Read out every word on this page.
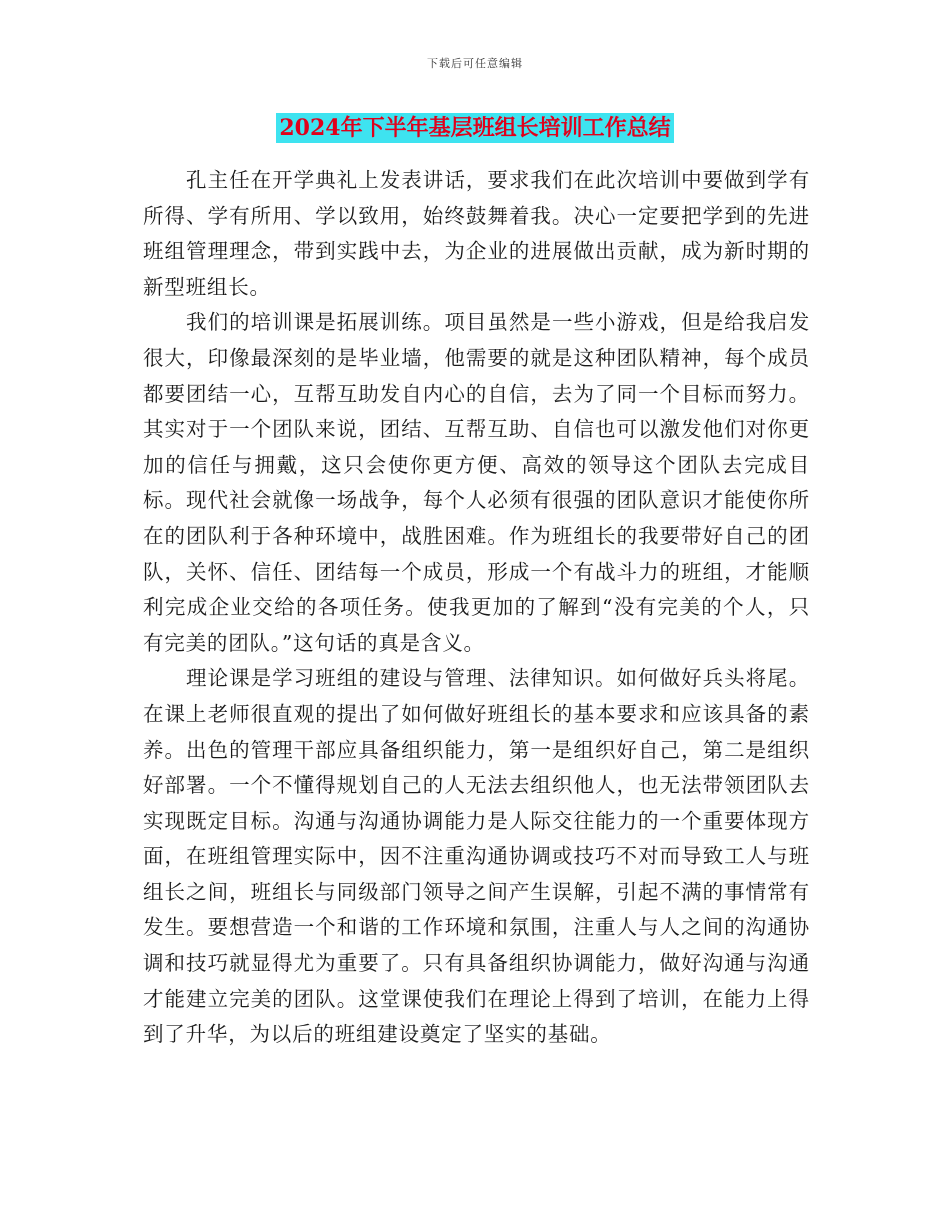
下载后可任意编辑
2024年下半年基层班组长培训工作总结

孔主任在开学典礼上发表讲话，要求我们在此次培训中要做到学有所得、学有所用、学以致用，始终鼓舞着我。决心一定要把学到的先进班组管理理念，带到实践中去，为企业的进展做出贡献，成为新时期的新型班组长。

我们的培训课是拓展训练。项目虽然是一些小游戏，但是给我启发很大，印像最深刻的是毕业墙，他需要的就是这种团队精神，每个成员都要团结一心，互帮互助发自内心的自信，去为了同一个目标而努力。其实对于一个团队来说，团结、互帮互助、自信也可以激发他们对你更加的信任与拥戴，这只会使你更方便、高效的领导这个团队去完成目标。现代社会就像一场战争，每个人必须有很强的团队意识才能使你所在的团队利于各种环境中，战胜困难。作为班组长的我要带好自己的团队，关怀、信任、团结每一个成员，形成一个有战斗力的班组，才能顺利完成企业交给的各项任务。使我更加的了解到“没有完美的个人，只有完美的团队。”这句话的真是含义。

理论课是学习班组的建设与管理、法律知识。如何做好兵头将尾。在课上老师很直观的提出了如何做好班组长的基本要求和应该具备的素养。出色的管理干部应具备组织能力，第一是组织好自己，第二是组织好部署。一个不懂得规划自己的人无法去组织他人，也无法带领团队去实现既定目标。沟通与沟通协调能力是人际交往能力的一个重要体现方面，在班组管理实际中，因不注重沟通协调或技巧不对而导致工人与班组长之间，班组长与同级部门领导之间产生误解，引起不满的事情常有发生。要想营造一个和谐的工作环境和氛围，注重人与人之间的沟通协调和技巧就显得尤为重要了。只有具备组织协调能力，做好沟通与沟通才能建立完美的团队。这堂课使我们在理论上得到了培训，在能力上得到了升华，为以后的班组建设奠定了坚实的基础。
